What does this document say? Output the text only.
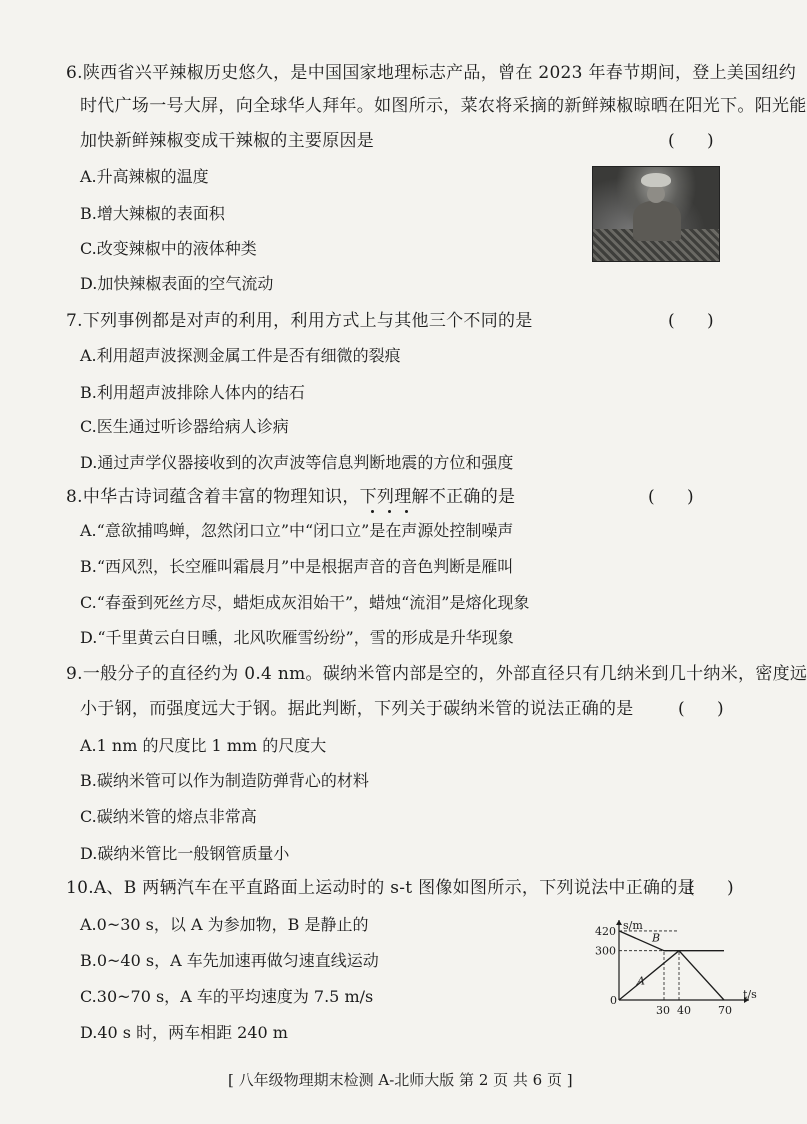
6.陕西省兴平辣椒历史悠久，是中国国家地理标志产品，曾在 2023 年春节期间，登上美国纽约
时代广场一号大屏，向全球华人拜年。如图所示，菜农将采摘的新鲜辣椒晾晒在阳光下。阳光能
加快新鲜辣椒变成干辣椒的主要原因是	(      )
A.升高辣椒的温度
B.增大辣椒的表面积
C.改变辣椒中的液体种类
D.加快辣椒表面的空气流动
7.下列事例都是对声的利用，利用方式上与其他三个不同的是	(      )
A.利用超声波探测金属工件是否有细微的裂痕
B.利用超声波排除人体内的结石
C.医生通过听诊器给病人诊病
D.通过声学仪器接收到的次声波等信息判断地震的方位和强度
8.中华古诗词蕴含着丰富的物理知识，下列理解不正确的是	(      )
A.“意欲捕鸣蝉，忽然闭口立”中“闭口立”是在声源处控制噪声
B.“西风烈，长空雁叫霜晨月”中是根据声音的音色判断是雁叫
C.“春蚕到死丝方尽，蜡炬成灰泪始干”，蜡烛“流泪”是熔化现象
D.“千里黄云白日曛，北风吹雁雪纷纷”，雪的形成是升华现象
9.一般分子的直径约为 0.4 nm。碳纳米管内部是空的，外部直径只有几纳米到几十纳米，密度远
小于钢，而强度远大于钢。据此判断，下列关于碳纳米管的说法正确的是	(      )
A.1 nm 的尺度比 1 mm 的尺度大
B.碳纳米管可以作为制造防弹背心的材料
C.碳纳米管的熔点非常高
D.碳纳米管比一般钢管质量小
10.A、B 两辆汽车在平直路面上运动时的 s-t 图像如图所示，下列说法中正确的是
(      )
A.0~30 s，以 A 为参加物，B 是静止的
B.0~40 s，A 车先加速再做匀速直线运动
C.30~70 s，A 车的平均速度为 7.5 m/s
D.40 s 时，两车相距 240 m
s/m
t/s
0
420
300
30 40 70
A
B
[ 八年级物理期末检测 A-北师大版 第 2 页 共 6 页 ]
